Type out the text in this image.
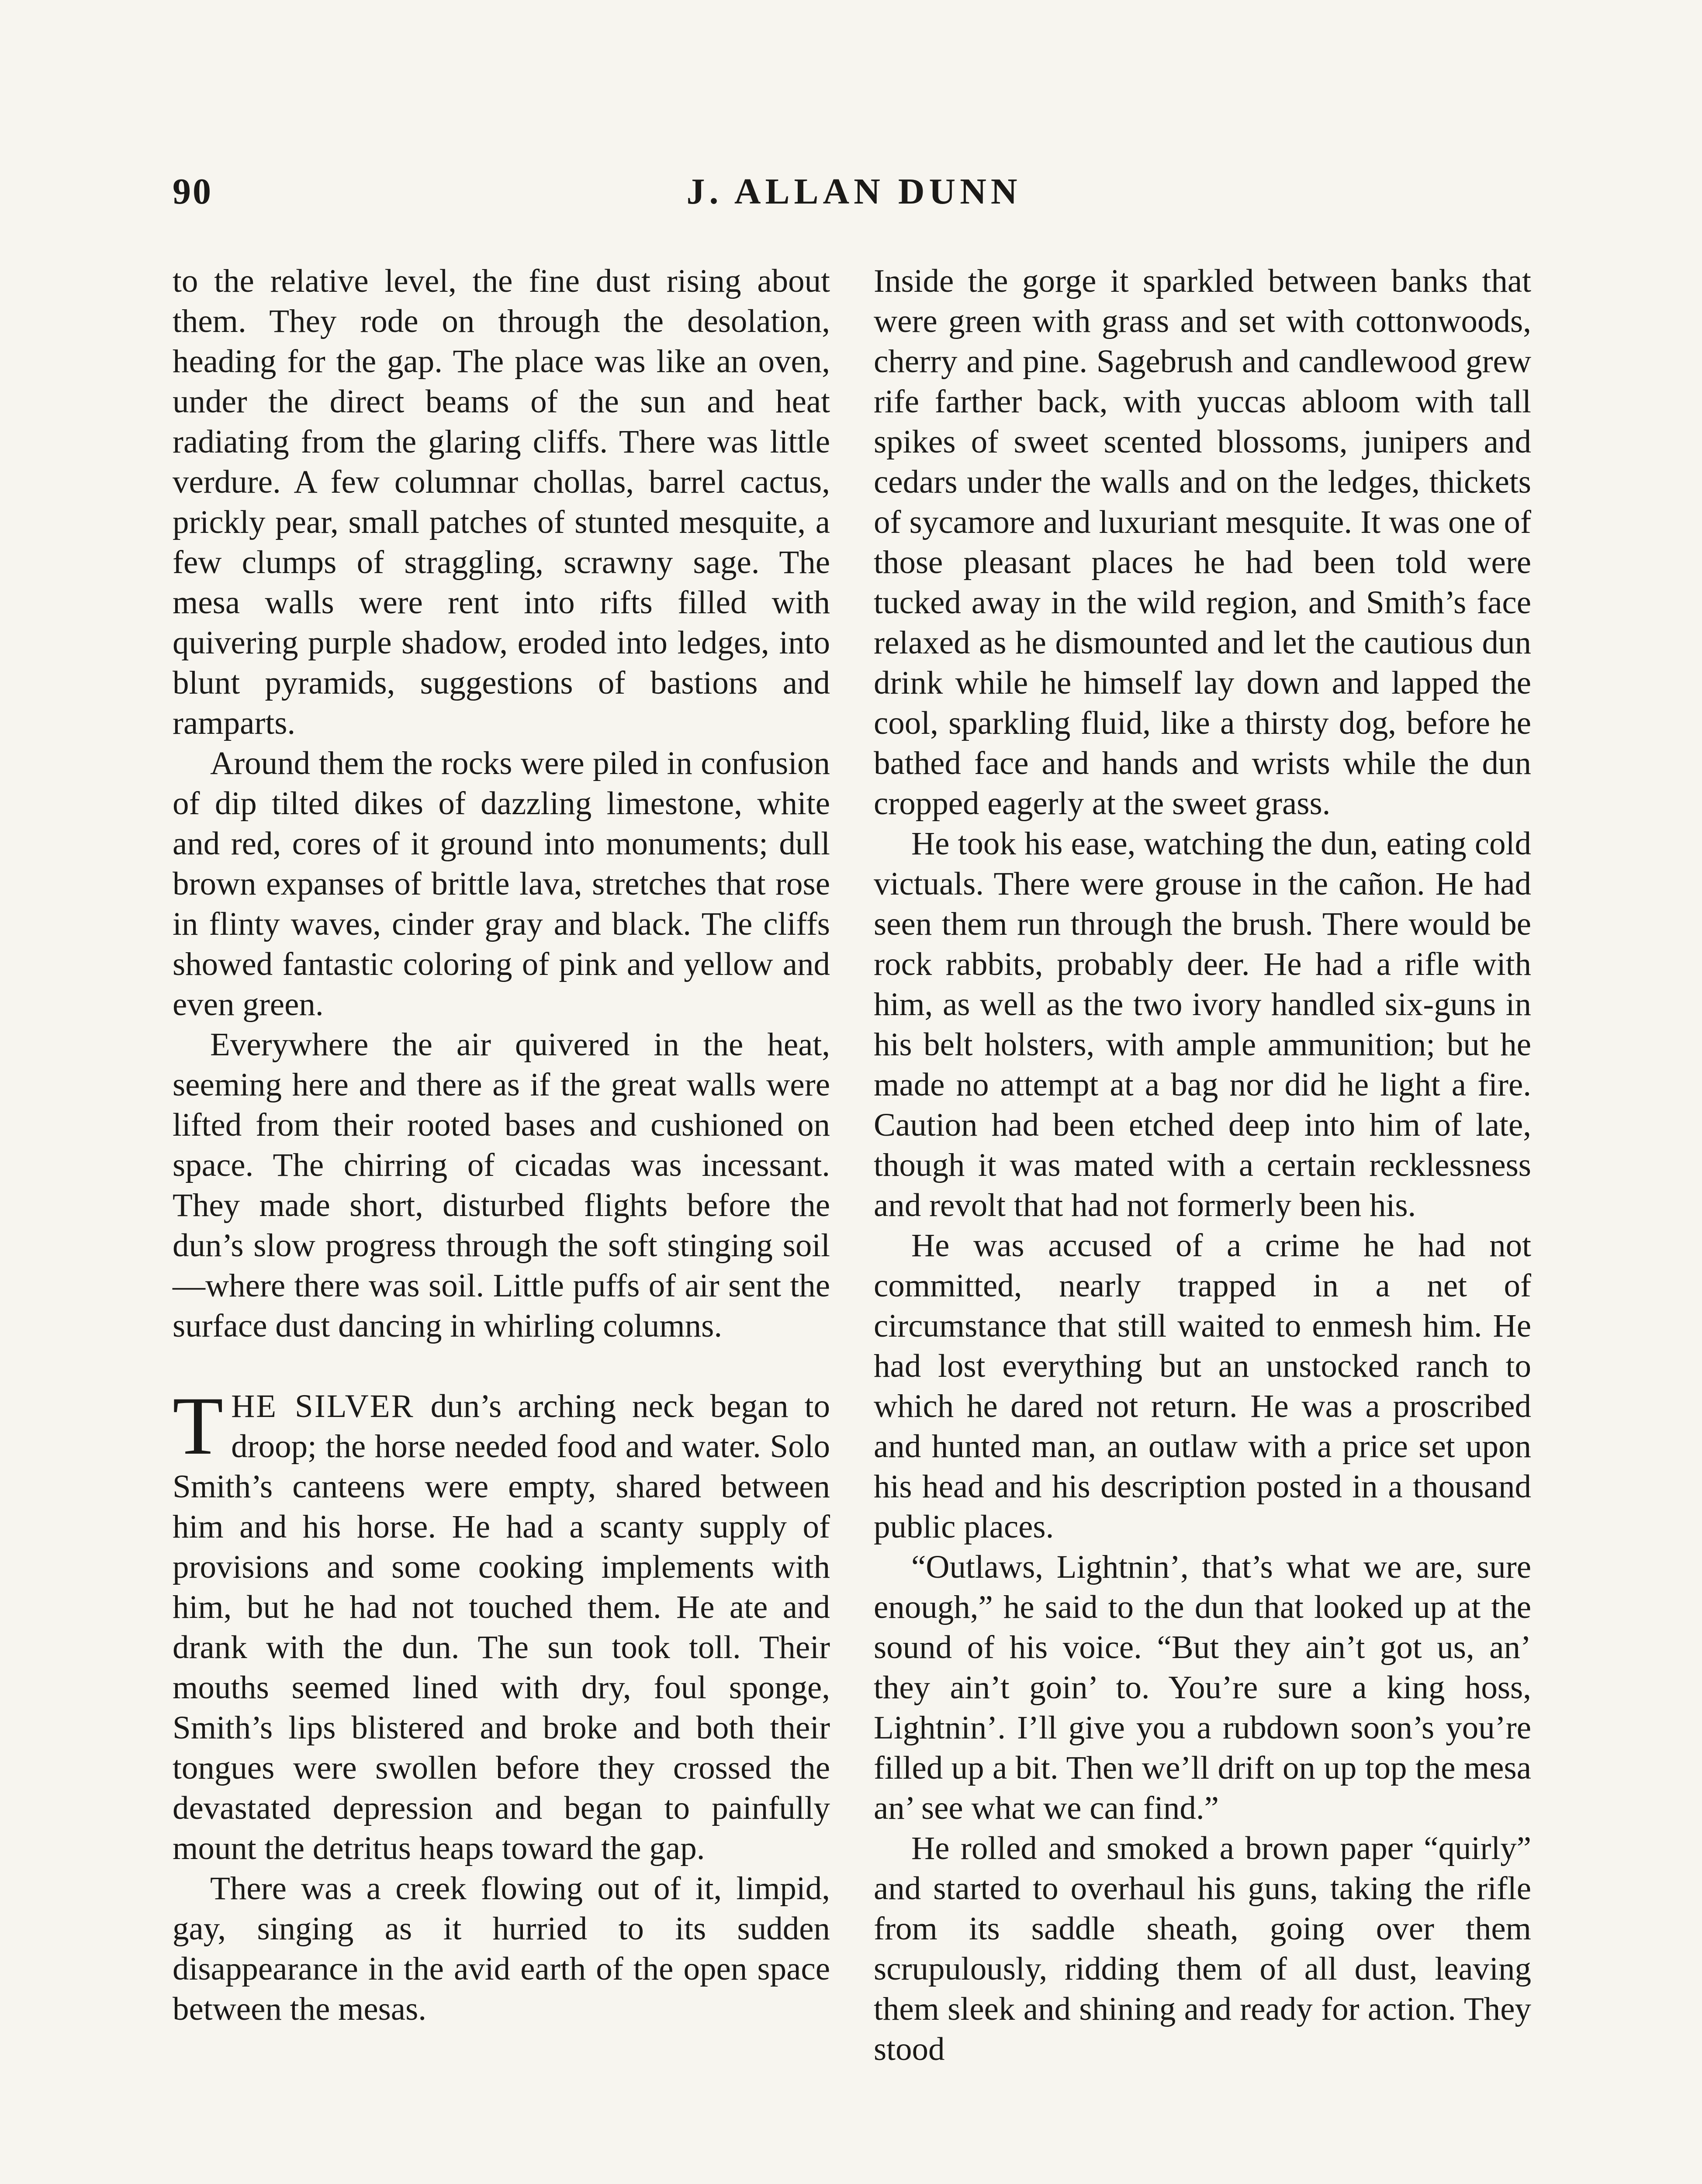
90	J. ALLAN DUNN

to the relative level, the fine dust rising about them. They rode on through the desolation, heading for the gap. The place was like an oven, under the direct beams of the sun and heat radiating from the glaring cliffs. There was little verdure. A few columnar chollas, barrel cactus, prickly pear, small patches of stunted mesquite, a few clumps of straggling, scrawny sage. The mesa walls were rent into rifts filled with quivering purple shadow, eroded into ledges, into blunt pyramids, suggestions of bastions and ramparts.

Around them the rocks were piled in confusion of dip tilted dikes of dazzling limestone, white and red, cores of it ground into monuments; dull brown expanses of brittle lava, stretches that rose in flinty waves, cinder gray and black. The cliffs showed fantastic coloring of pink and yellow and even green.

Everywhere the air quivered in the heat, seeming here and there as if the great walls were lifted from their rooted bases and cushioned on space. The chirring of cicadas was incessant. They made short, disturbed flights before the dun’s slow progress through the soft stinging soil—where there was soil. Little puffs of air sent the surface dust dancing in whirling columns.

THE SILVER dun’s arching neck began to droop; the horse needed food and water. Solo Smith’s canteens were empty, shared between him and his horse. He had a scanty supply of provisions and some cooking implements with him, but he had not touched them. He ate and drank with the dun. The sun took toll. Their mouths seemed lined with dry, foul sponge, Smith’s lips blistered and broke and both their tongues were swollen before they crossed the devastated depression and began to painfully mount the detritus heaps toward the gap.

There was a creek flowing out of it, limpid, gay, singing as it hurried to its sudden disappearance in the avid earth of the open space between the mesas.

Inside the gorge it sparkled between banks that were green with grass and set with cottonwoods, cherry and pine. Sagebrush and candlewood grew rife farther back, with yuccas abloom with tall spikes of sweet scented blossoms, junipers and cedars under the walls and on the ledges, thickets of sycamore and luxuriant mesquite. It was one of those pleasant places he had been told were tucked away in the wild region, and Smith’s face relaxed as he dismounted and let the cautious dun drink while he himself lay down and lapped the cool, sparkling fluid, like a thirsty dog, before he bathed face and hands and wrists while the dun cropped eagerly at the sweet grass.

He took his ease, watching the dun, eating cold victuals. There were grouse in the cañon. He had seen them run through the brush. There would be rock rabbits, probably deer. He had a rifle with him, as well as the two ivory handled six-guns in his belt holsters, with ample ammunition; but he made no attempt at a bag nor did he light a fire. Caution had been etched deep into him of late, though it was mated with a certain recklessness and revolt that had not formerly been his.

He was accused of a crime he had not committed, nearly trapped in a net of circumstance that still waited to enmesh him. He had lost everything but an unstocked ranch to which he dared not return. He was a proscribed and hunted man, an outlaw with a price set upon his head and his description posted in a thousand public places.

“Outlaws, Lightnin’, that’s what we are, sure enough,” he said to the dun that looked up at the sound of his voice. “But they ain’t got us, an’ they ain’t goin’ to. You’re sure a king hoss, Lightnin’. I’ll give you a rubdown soon’s you’re filled up a bit. Then we’ll drift on up top the mesa an’ see what we can find.”

He rolled and smoked a brown paper “quirly” and started to overhaul his guns, taking the rifle from its saddle sheath, going over them scrupulously, ridding them of all dust, leaving them sleek and shining and ready for action. They stood
